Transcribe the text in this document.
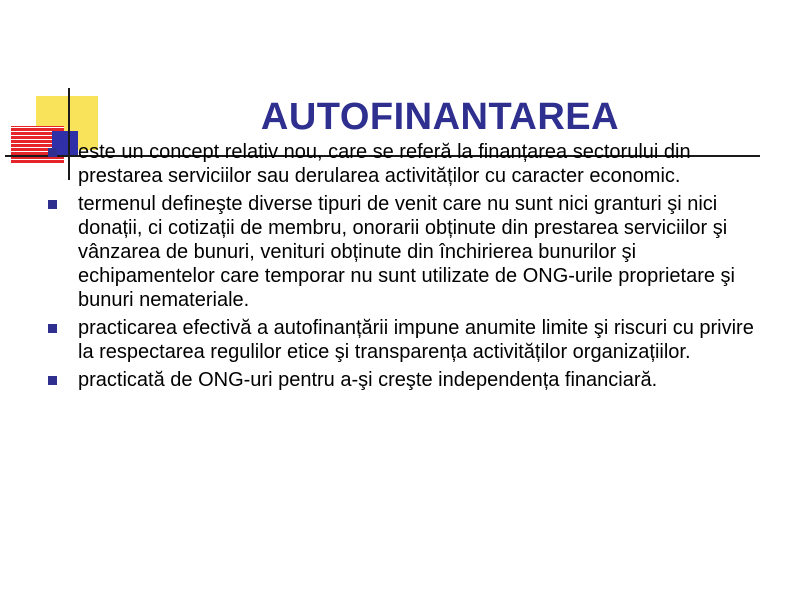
AUTOFINANTAREA
este un concept relativ nou, care se referă la finanțarea sectorului din prestarea serviciilor sau derularea activităților cu caracter economic.
termenul defineşte diverse tipuri de venit care nu sunt nici granturi şi nici donații, ci cotizații de membru, onorarii obținute din prestarea serviciilor şi vânzarea de bunuri, venituri obținute din închirierea bunurilor şi echipamentelor care temporar nu sunt utilizate de ONG-urile proprietare şi bunuri nemateriale.
practicarea efectivă a autofinanțării impune anumite limite şi riscuri cu privire la respectarea regulilor etice şi transparența activităților organizațiilor.
practicată de ONG-uri pentru a-şi creşte independența financiară.
